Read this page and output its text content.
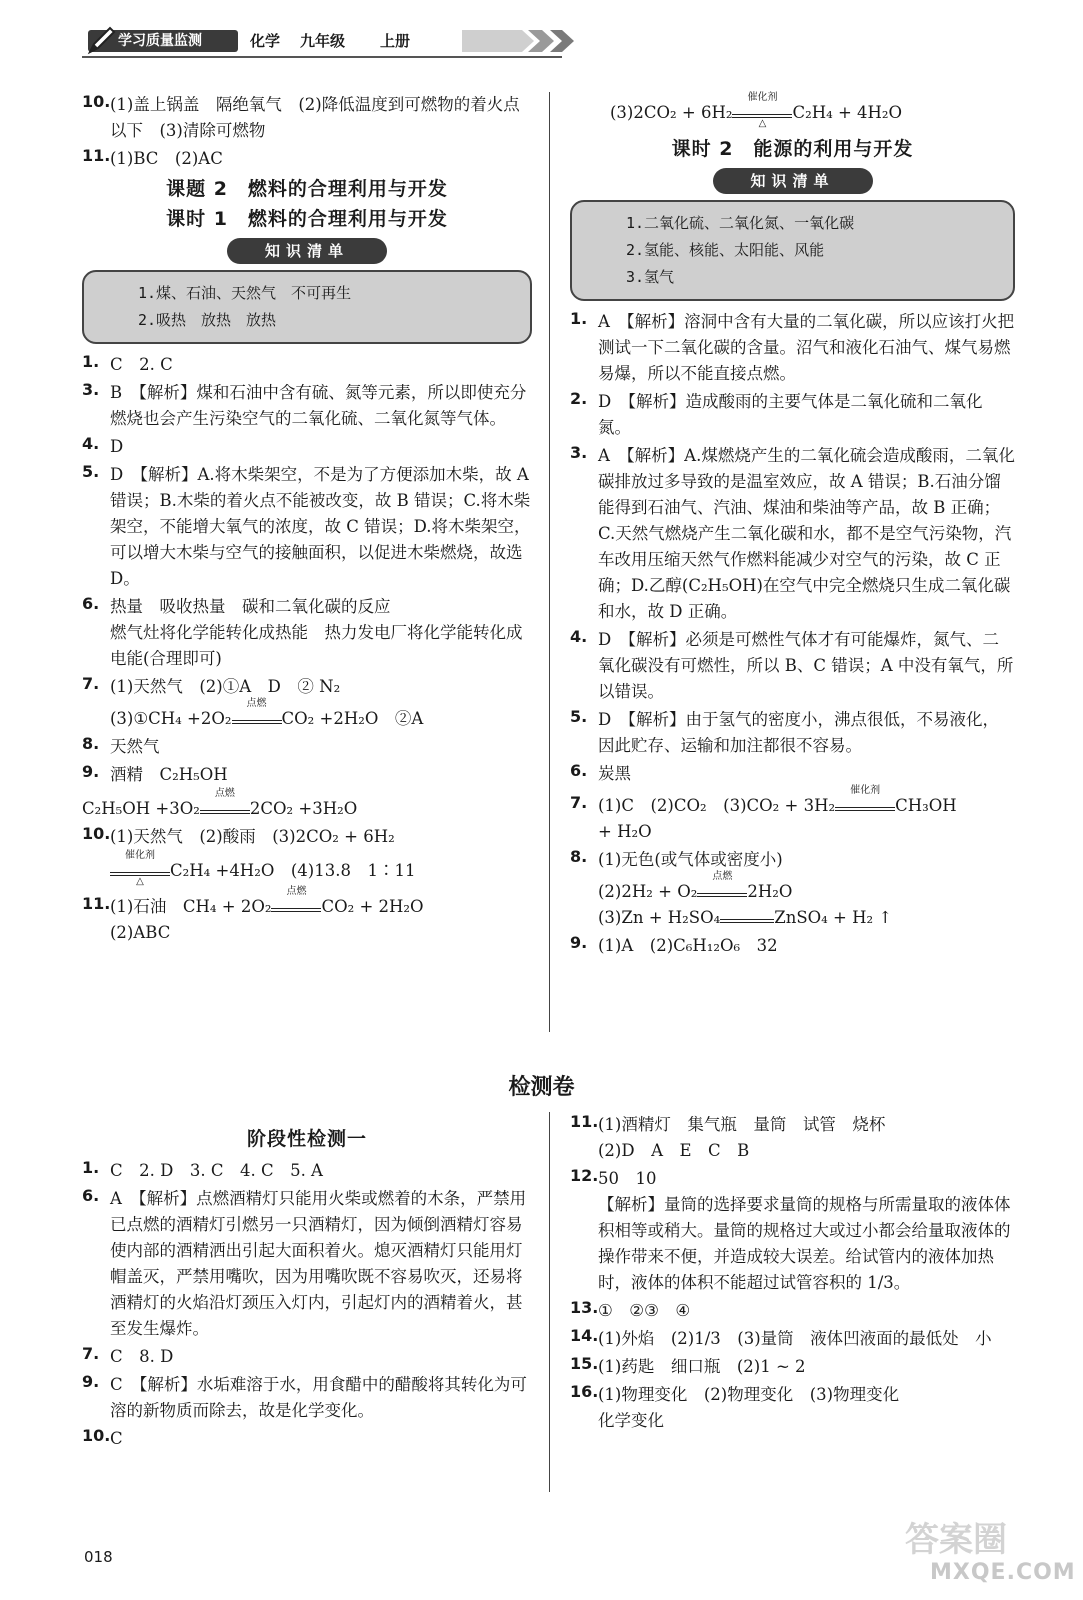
学习质量监测	化学 九年级 上册
10. (1)盖上锅盖　隔绝氧气　(2)降低温度到可燃物的着火点以下　(3)清除可燃物
11. (1)BC　(2)AC
课题 2　燃料的合理利用与开发
课时 1　燃料的合理利用与开发
知识清单
1.煤、石油、天然气　不可再生
2.吸热　放热　放热
1. C　2. C
3. B　【解析】煤和石油中含有硫、氮等元素，所以即使充分燃烧也会产生污染空气的二氧化硫、二氧化氮等气体。
4. D
5. D　【解析】A.将木柴架空，不是为了方便添加木柴，故 A 错误；B.木柴的着火点不能被改变，故 B 错误；C.将木柴架空，不能增大氧气的浓度，故 C 错误；D.将木柴架空，可以增大木柴与空气的接触面积，以促进木柴燃烧，故选 D。
6. 热量　吸收热量　碳和二氧化碳的反应
燃气灶将化学能转化成热能　热力发电厂将化学能转化成电能(合理即可)
7. (1)天然气　(2)①A　D　② N₂
(3)①CH₄ +2O₂
点燃
CO₂ +2H₂O　②A
8. 天然气
9. 酒精　C₂H₅OH
C₂H₅OH +3O₂
点燃
2CO₂ +3H₂O
10. (1)天然气　(2)酸雨　(3)2CO₂ + 6H₂
催化剂
△
C₂H₄ +4H₂O　(4)13.8　1∶11
11. (1)石油　CH₄ + 2O₂
点燃
CO₂ + 2H₂O
(2)ABC
(3)2CO₂ + 6H₂
催化剂
△
C₂H₄ + 4H₂O
课时 2　能源的利用与开发
知识清单
1.二氧化硫、二氧化氮、一氧化碳
2.氢能、核能、太阳能、风能
3.氢气
1. A　【解析】溶洞中含有大量的二氧化碳，所以应该打火把测试一下二氧化碳的含量。沼气和液化石油气、煤气易燃易爆，所以不能直接点燃。
2. D　【解析】造成酸雨的主要气体是二氧化硫和二氧化氮。
3. A　【解析】A.煤燃烧产生的二氧化硫会造成酸雨，二氧化碳排放过多导致的是温室效应，故 A 错误；B.石油分馏能得到石油气、汽油、煤油和柴油等产品，故 B 正确；C.天然气燃烧产生二氧化碳和水，都不是空气污染物，汽车改用压缩天然气作燃料能减少对空气的污染，故 C 正确；D.乙醇(C₂H₅OH)在空气中完全燃烧只生成二氧化碳和水，故 D 正确。
4. D　【解析】必须是可燃性气体才有可能爆炸，氮气、二氧化碳没有可燃性，所以 B、C 错误；A 中没有氧气，所以错误。
5. D　【解析】由于氢气的密度小，沸点很低，不易液化，因此贮存、运输和加注都很不容易。
6. 炭黑
7. (1)C　(2)CO₂　(3)CO₂ + 3H₂
催化剂
CH₃OH
+ H₂O
8. (1)无色(或气体或密度小)
(2)2H₂ + O₂
点燃
2H₂O
(3)Zn + H₂SO₄	ZnSO₄ + H₂ ↑
9. (1)A　(2)C₆H₁₂O₆　32
检测卷
阶段性检测一
1. C　2. D　3. C　4. C　5. A
6. A　【解析】点燃酒精灯只能用火柴或燃着的木条，严禁用已点燃的酒精灯引燃另一只酒精灯，因为倾倒酒精灯容易使内部的酒精洒出引起大面积着火。熄灭酒精灯只能用灯帽盖灭，严禁用嘴吹，因为用嘴吹既不容易吹灭，还易将酒精灯的火焰沿灯颈压入灯内，引起灯内的酒精着火，甚至发生爆炸。
7. C　8. D
9. C　【解析】水垢难溶于水，用食醋中的醋酸将其转化为可溶的新物质而除去，故是化学变化。
10. C
11. (1)酒精灯　集气瓶　量筒　试管　烧杯
(2)D　A　E　C　B
12. 50　10
【解析】量筒的选择要求量筒的规格与所需量取的液体体积相等或稍大。量筒的规格过大或过小都会给量取液体的操作带来不便，并造成较大误差。给试管内的液体加热时，液体的体积不能超过试管容积的 1/3。
13. ①　②③　④
14. (1)外焰　(2)1/3　(3)量筒　液体凹液面的最低处　小
15. (1)药匙　细口瓶　(2)1 ~ 2
16. (1)物理变化　(2)物理变化　(3)物理变化
化学变化
018	答案圈
MXQE.COM
